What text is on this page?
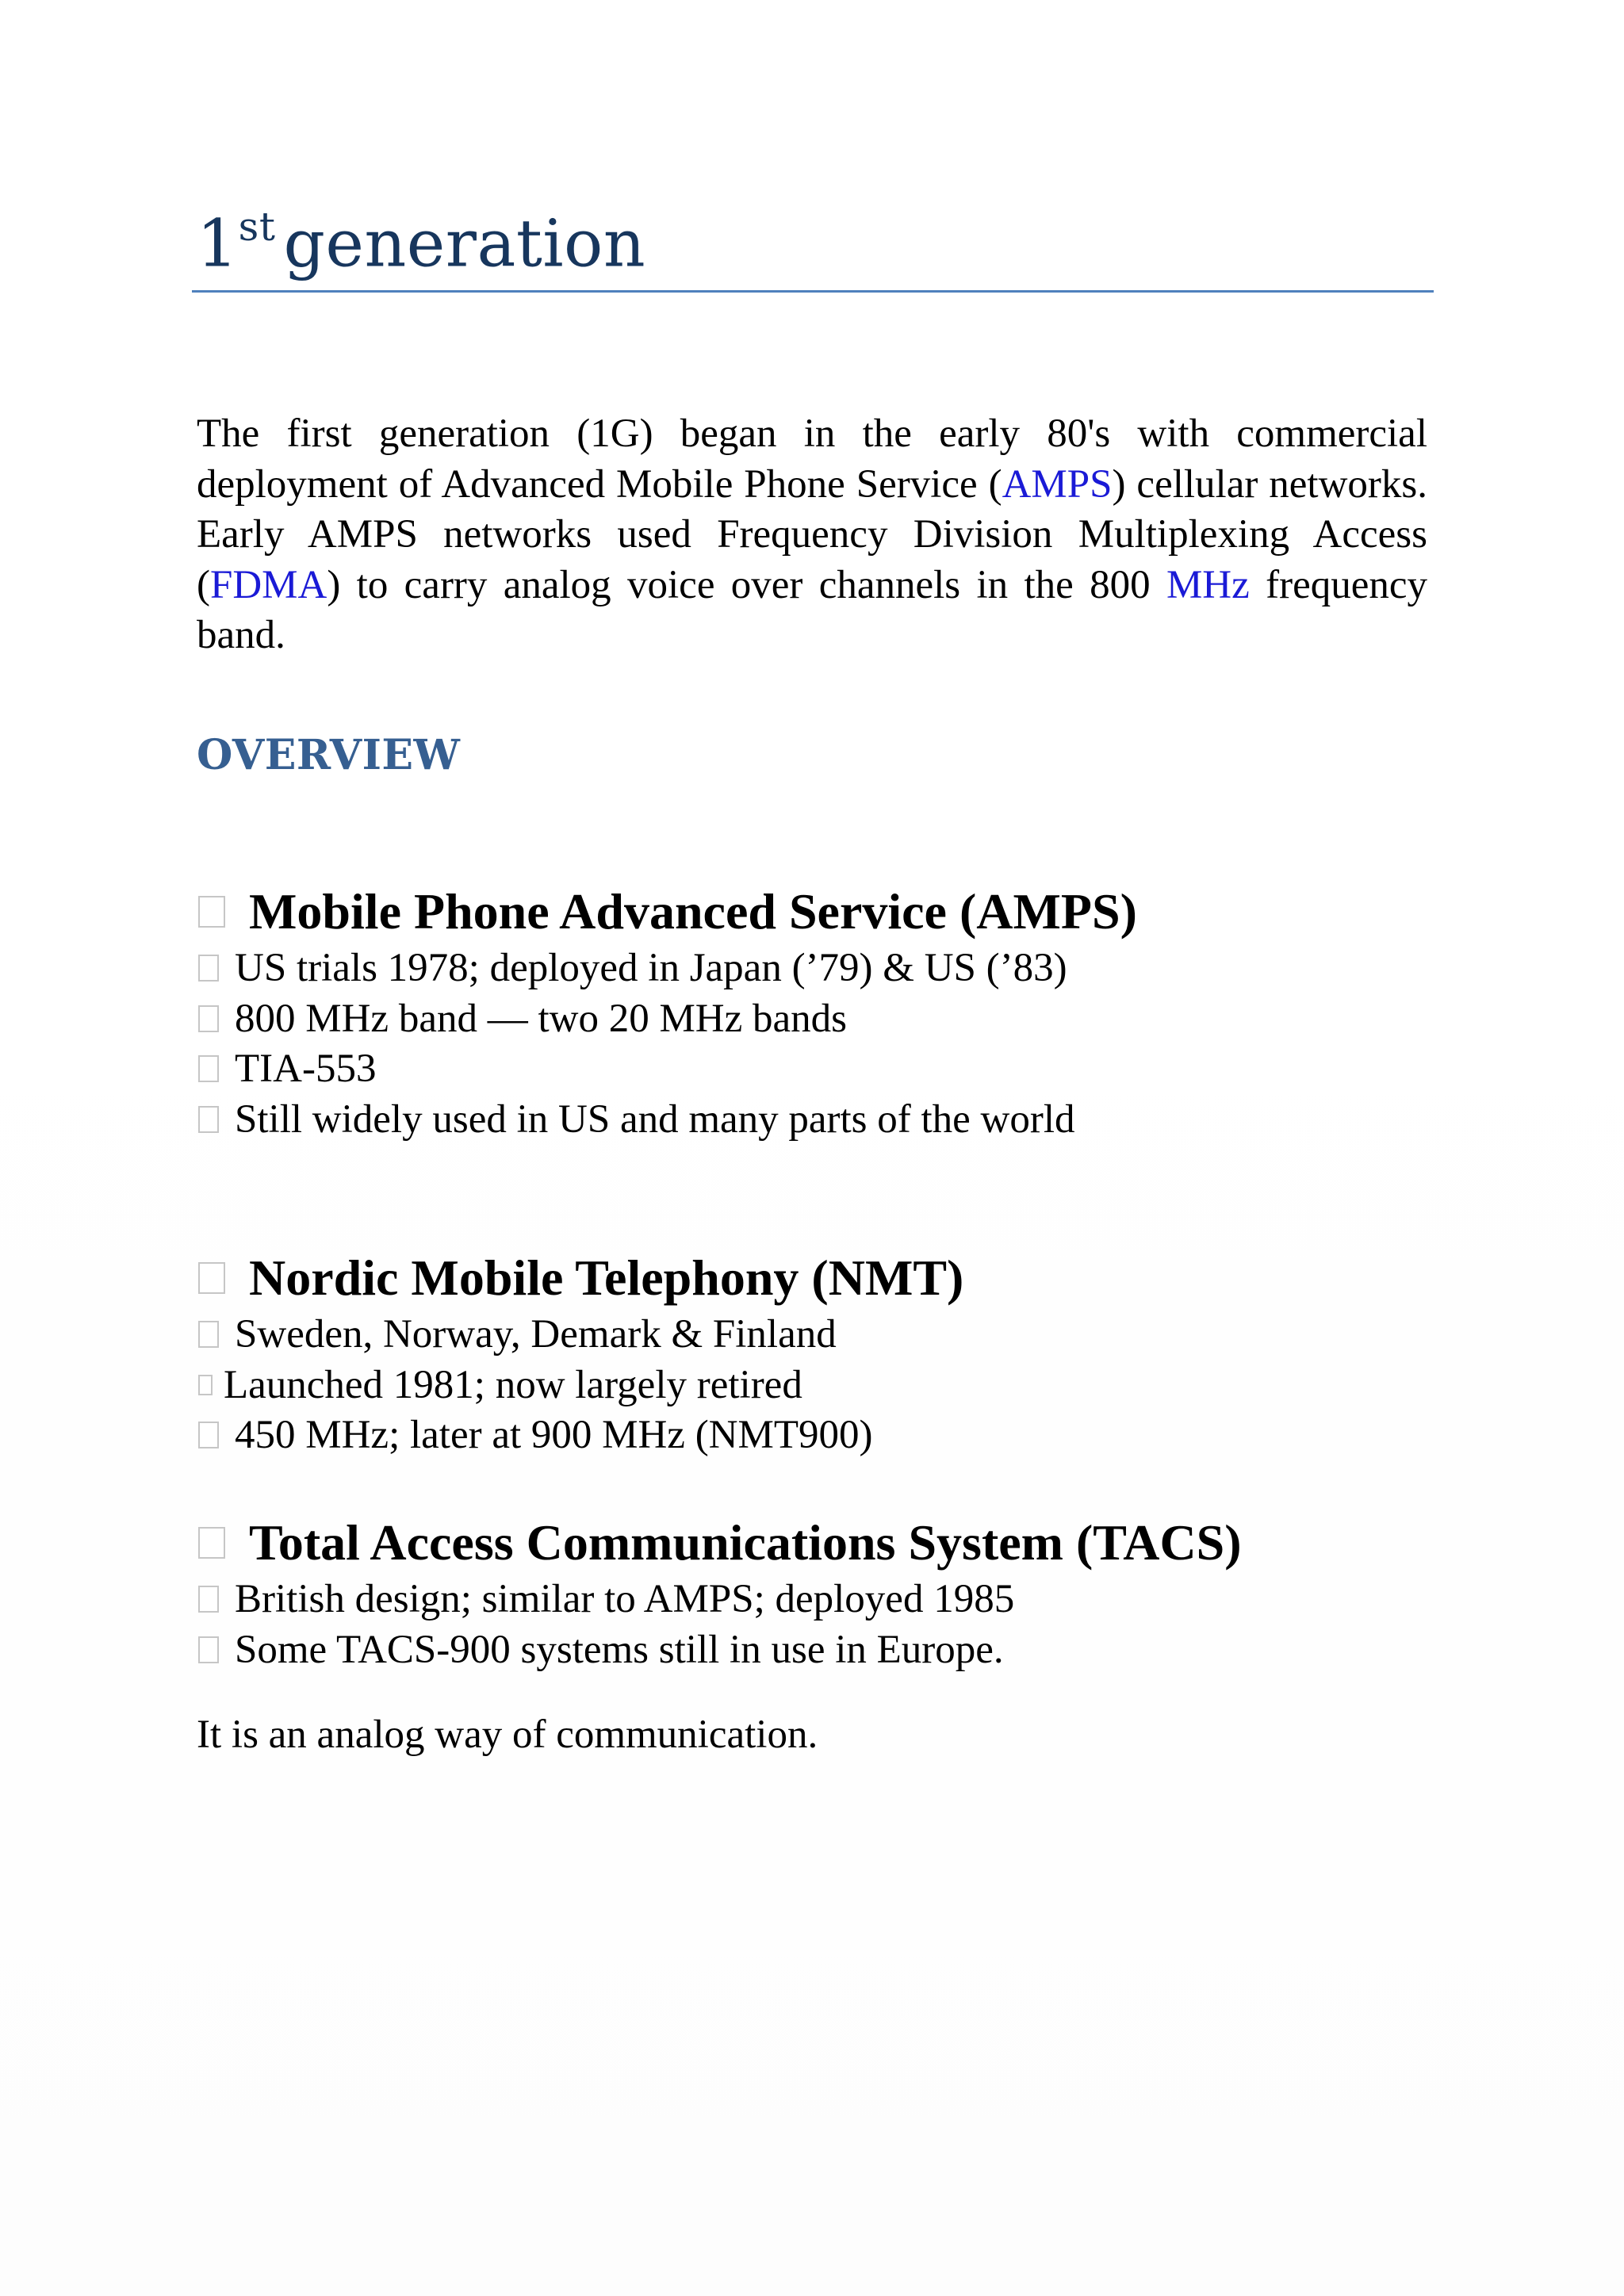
1st generation

The first generation (1G) began in the early 80's with commercial deployment of Advanced Mobile Phone Service (AMPS) cellular networks. Early AMPS networks used Frequency Division Multiplexing Access (FDMA) to carry analog voice over channels in the 800 MHz frequency band.

OVERVIEW
Mobile Phone Advanced Service (AMPS)
US trials 1978; deployed in Japan (’79) & US (’83)
800 MHz band — two 20 MHz bands
TIA-553
Still widely used in US and many parts of the world
Nordic Mobile Telephony (NMT)
Sweden, Norway, Demark & Finland
Launched 1981; now largely retired
450 MHz; later at 900 MHz (NMT900)
Total Access Communications System (TACS)
British design; similar to AMPS; deployed 1985
Some TACS-900 systems still in use in Europe.
It is an analog way of communication.
